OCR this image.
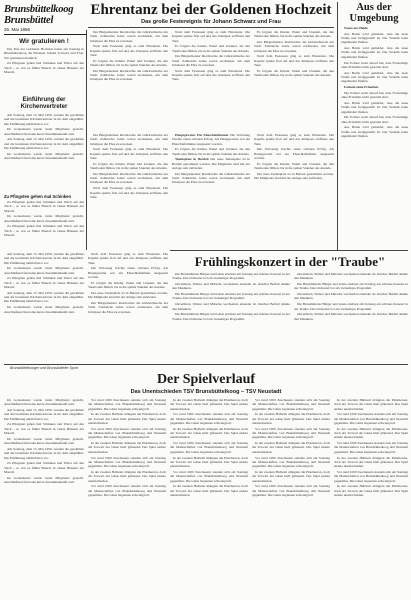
Brunsbüttelkoog
Brunsbüttel
26. Mai 1956
Ehrentanz bei der Goldenen Hochzeit
Das große Festereignis für Johann Schwarz und Frau
Aus der Umgebung
Wir gratulieren !

Das Fest der Goldenen Hochzeit feiern am Sonntag in Brunsbüttelkoog die Eheleute Johann Schwarz und Frau. Wir gratulieren herzlich.

Zu Pfingsten gehen mal Schinken und Wurst auf den Tisch – so war es früher Brauch in vielen Häusern der Marsch.

Einführung der Kirchenvertreter

Am Sonntag, dem 13. Mai 1956, wurden die gewählten und die berufenen Kirchenvertreter in ihr Amt eingeführt. Die Einführung nahm Pastor vor.

Im Gottesdienst wurde vieler Mitglieder gedacht. Anschließend fand eine kurze Zusammenkunft statt.

Am Sonntag, dem 13. Mai 1956, wurden die gewählten und die berufenen Kirchenvertreter in ihr Amt eingeführt. Die Einführung nahm Pastor vor.

Im Gottesdienst wurde vieler Mitglieder gedacht. Anschließend fand eine kurze Zusammenkunft statt.

Zu Pfingsten gehen mal Schinken

Zu Pfingsten gehen mal Schinken und Wurst auf den Tisch – so war es früher Brauch in vielen Häusern der Marsch.

Im Gottesdienst wurde vieler Mitglieder gedacht. Anschließend fand eine kurze Zusammenkunft statt.

Zu Pfingsten gehen mal Schinken und Wurst auf den Tisch – so war es früher Brauch in vielen Häusern der Marsch.

Der Bürgermeister überbrachte die Glückwünsche der Stadt. Zahlreiche Gäste waren erschienen, um dem Jubelpaar die Ehre zu erweisen.

Nach dem Festessen ging es zum Ehrentanz. Die Kapelle spielte flott auf und das Jubelpaar eröffnete den Tanz.

Es folgten die Kinder, Enkel und Urenkel, die den Tanzboden füllten, bis in die späten Stunden des Abends.

Der Bürgermeister überbrachte die Glückwünsche der Stadt. Zahlreiche Gäste waren erschienen, um dem Jubelpaar die Ehre zu erweisen.

Nach dem Festessen ging es zum Ehrentanz. Die Kapelle spielte flott auf und das Jubelpaar eröffnete den Tanz.

Es folgten die Kinder, Enkel und Urenkel, die den Tanzboden füllten, bis in die späten Stunden des Abends.

Der Bürgermeister überbrachte die Glückwünsche der Stadt. Zahlreiche Gäste waren erschienen, um dem Jubelpaar die Ehre zu erweisen.

Nach dem Festessen ging es zum Ehrentanz. Die Kapelle spielte flott auf und das Jubelpaar eröffnete den Tanz.

Es folgten die Kinder, Enkel und Urenkel, die den Tanzboden füllten, bis in die späten Stunden des Abends.

Der Bürgermeister überbrachte die Glückwünsche der Stadt. Zahlreiche Gäste waren erschienen, um dem Jubelpaar die Ehre zu erweisen.

Nach dem Festessen ging es zum Ehrentanz. Die Kapelle spielte flott auf und das Jubelpaar eröffnete den Tanz.

Es folgten die Kinder, Enkel und Urenkel, die den Tanzboden füllten, bis in die späten Stunden des Abends.

Der Bürgermeister überbrachte die Glückwünsche der Stadt. Zahlreiche Gäste waren erschienen, um dem Jubelpaar die Ehre zu erweisen.

Nach dem Festessen ging es zum Ehrentanz. Die Kapelle spielte flott auf und das Jubelpaar eröffnete den Tanz.

Es folgten die Kinder, Enkel und Urenkel, die den Tanzboden füllten, bis in die späten Stunden des Abends.

Der Bürgermeister überbrachte die Glückwünsche der Stadt. Zahlreiche Gäste waren erschienen, um dem Jubelpaar die Ehre zu erweisen.

Nach dem Festessen ging es zum Ehrentanz. Die Kapelle spielte flott auf und das Jubelpaar eröffnete den Tanz.

Hauptgewinn: Ein Eheschlafzimmer Die Verlosung brachte einen schönen Erfolg. Als Hauptgewinn war ein Eheschlafzimmer ausgesetzt worden.

Es folgten die Kinder, Enkel und Urenkel, die den Tanzboden füllten, bis in die späten Stunden des Abends.

Tennisplatz in Betrieb Der neue Tennisplatz ist in Betrieb genommen worden. Die Mitglieder sind mit der Anlage sehr zufrieden.

Der Bürgermeister überbrachte die Glückwünsche der Stadt. Zahlreiche Gäste waren erschienen, um dem Jubelpaar die Ehre zu erweisen.

Nach dem Festessen ging es zum Ehrentanz. Die Kapelle spielte flott auf und das Jubelpaar eröffnete den Tanz.

Die Verlosung brachte einen schönen Erfolg. Als Hauptgewinn war ein Eheschlafzimmer ausgesetzt worden.

Es folgten die Kinder, Enkel und Urenkel, die den Tanzboden füllten, bis in die späten Stunden des Abends.

Der neue Tennisplatz ist in Betrieb genommen worden. Die Mitglieder sind mit der Anlage sehr zufrieden.

Neues aus Heide

Aus Heide wird gemeldet, dass die neue Straße nun fertiggestellt ist. Der Verkehr kann ungehindert fließen.

Aus Heide wird gemeldet, dass die neue Straße nun fertiggestellt ist. Der Verkehr kann ungehindert fließen.

Die Polizei weist darauf hin, dass Fackelzüge ohne Erlaubnis nicht gestattet sind.

Aus Heide wird gemeldet, dass die neue Straße nun fertiggestellt ist. Der Verkehr kann ungehindert fließen.

Fackeln ohne Erlaubnis

Die Polizei weist darauf hin, dass Fackelzüge ohne Erlaubnis nicht gestattet sind.

Aus Heide wird gemeldet, dass die neue Straße nun fertiggestellt ist. Der Verkehr kann ungehindert fließen.

Die Polizei weist darauf hin, dass Fackelzüge ohne Erlaubnis nicht gestattet sind.

Aus Heide wird gemeldet, dass die neue Straße nun fertiggestellt ist. Der Verkehr kann ungehindert fließen.

Frühlingskonzert in der "Traube"

Die Brunsbütteler Bürger und Gäste erlebten am Sonntag ein schönes Konzert in der Traube. Das Orchester bot ein vielseitiges Programm.

Ouvertüren, Walzer und Märsche wechselten einander ab. Reicher Beifall dankte den Musikern.

Die Brunsbütteler Bürger und Gäste erlebten am Sonntag ein schönes Konzert in der Traube. Das Orchester bot ein vielseitiges Programm.

Ouvertüren, Walzer und Märsche wechselten einander ab. Reicher Beifall dankte den Musikern.

Die Brunsbütteler Bürger und Gäste erlebten am Sonntag ein schönes Konzert in der Traube. Das Orchester bot ein vielseitiges Programm.

Ouvertüren, Walzer und Märsche wechselten einander ab. Reicher Beifall dankte den Musikern.

Die Brunsbütteler Bürger und Gäste erlebten am Sonntag ein schönes Konzert in der Traube. Das Orchester bot ein vielseitiges Programm.

Ouvertüren, Walzer und Märsche wechselten einander ab. Reicher Beifall dankte den Musikern.

Die Brunsbütteler Bürger und Gäste erlebten am Sonntag ein schönes Konzert in der Traube. Das Orchester bot ein vielseitiges Programm.

Ouvertüren, Walzer und Märsche wechselten einander ab. Reicher Beifall dankte den Musikern.

Am Sonntag, dem 13. Mai 1956, wurden die gewählten und die berufenen Kirchenvertreter in ihr Amt eingeführt. Die Einführung nahm Pastor vor.

Im Gottesdienst wurde vieler Mitglieder gedacht. Anschließend fand eine kurze Zusammenkunft statt.

Zu Pfingsten gehen mal Schinken und Wurst auf den Tisch – so war es früher Brauch in vielen Häusern der Marsch.

Am Sonntag, dem 13. Mai 1956, wurden die gewählten und die berufenen Kirchenvertreter in ihr Amt eingeführt. Die Einführung nahm Pastor vor.

Im Gottesdienst wurde vieler Mitglieder gedacht. Anschließend fand eine kurze Zusammenkunft statt.

Nach dem Festessen ging es zum Ehrentanz. Die Kapelle spielte flott auf und das Jubelpaar eröffnete den Tanz.

Die Verlosung brachte einen schönen Erfolg. Als Hauptgewinn war ein Eheschlafzimmer ausgesetzt worden.

Es folgten die Kinder, Enkel und Urenkel, die den Tanzboden füllten, bis in die späten Stunden des Abends.

Der neue Tennisplatz ist in Betrieb genommen worden. Die Mitglieder sind mit der Anlage sehr zufrieden.

Der Bürgermeister überbrachte die Glückwünsche der Stadt. Zahlreiche Gäste waren erschienen, um dem Jubelpaar die Ehre zu erweisen.

Brunsbüttelkooger und Brunsbütteler Sport
Der Spielverlauf
Das Unentschieden TSV Brunsbüttelkoog – TSV Neustadt

Vor rund 1000 Zuschauern standen sich am Sonntag die Mannschaften von Brunsbüttelkoog und Neustadt gegenüber. Die Gäste begannen schwungvoll.

In der zweiten Halbzeit drängten die Platzherren, doch der Torwart der Gäste hielt glänzend. Das Spiel endete unentschieden.

Vor rund 1000 Zuschauern standen sich am Sonntag die Mannschaften von Brunsbüttelkoog und Neustadt gegenüber. Die Gäste begannen schwungvoll.

In der zweiten Halbzeit drängten die Platzherren, doch der Torwart der Gäste hielt glänzend. Das Spiel endete unentschieden.

Vor rund 1000 Zuschauern standen sich am Sonntag die Mannschaften von Brunsbüttelkoog und Neustadt gegenüber. Die Gäste begannen schwungvoll.

In der zweiten Halbzeit drängten die Platzherren, doch der Torwart der Gäste hielt glänzend. Das Spiel endete unentschieden.

Vor rund 1000 Zuschauern standen sich am Sonntag die Mannschaften von Brunsbüttelkoog und Neustadt gegenüber. Die Gäste begannen schwungvoll.

In der zweiten Halbzeit drängten die Platzherren, doch der Torwart der Gäste hielt glänzend. Das Spiel endete unentschieden.

Vor rund 1000 Zuschauern standen sich am Sonntag die Mannschaften von Brunsbüttelkoog und Neustadt gegenüber. Die Gäste begannen schwungvoll.

In der zweiten Halbzeit drängten die Platzherren, doch der Torwart der Gäste hielt glänzend. Das Spiel endete unentschieden.

Vor rund 1000 Zuschauern standen sich am Sonntag die Mannschaften von Brunsbüttelkoog und Neustadt gegenüber. Die Gäste begannen schwungvoll.

In der zweiten Halbzeit drängten die Platzherren, doch der Torwart der Gäste hielt glänzend. Das Spiel endete unentschieden.

Vor rund 1000 Zuschauern standen sich am Sonntag die Mannschaften von Brunsbüttelkoog und Neustadt gegenüber. Die Gäste begannen schwungvoll.

In der zweiten Halbzeit drängten die Platzherren, doch der Torwart der Gäste hielt glänzend. Das Spiel endete unentschieden.

Vor rund 1000 Zuschauern standen sich am Sonntag die Mannschaften von Brunsbüttelkoog und Neustadt gegenüber. Die Gäste begannen schwungvoll.

In der zweiten Halbzeit drängten die Platzherren, doch der Torwart der Gäste hielt glänzend. Das Spiel endete unentschieden.

Vor rund 1000 Zuschauern standen sich am Sonntag die Mannschaften von Brunsbüttelkoog und Neustadt gegenüber. Die Gäste begannen schwungvoll.

In der zweiten Halbzeit drängten die Platzherren, doch der Torwart der Gäste hielt glänzend. Das Spiel endete unentschieden.

Vor rund 1000 Zuschauern standen sich am Sonntag die Mannschaften von Brunsbüttelkoog und Neustadt gegenüber. Die Gäste begannen schwungvoll.

In der zweiten Halbzeit drängten die Platzherren, doch der Torwart der Gäste hielt glänzend. Das Spiel endete unentschieden.

Vor rund 1000 Zuschauern standen sich am Sonntag die Mannschaften von Brunsbüttelkoog und Neustadt gegenüber. Die Gäste begannen schwungvoll.

In der zweiten Halbzeit drängten die Platzherren, doch der Torwart der Gäste hielt glänzend. Das Spiel endete unentschieden.

Vor rund 1000 Zuschauern standen sich am Sonntag die Mannschaften von Brunsbüttelkoog und Neustadt gegenüber. Die Gäste begannen schwungvoll.

In der zweiten Halbzeit drängten die Platzherren, doch der Torwart der Gäste hielt glänzend. Das Spiel endete unentschieden.

Vor rund 1000 Zuschauern standen sich am Sonntag die Mannschaften von Brunsbüttelkoog und Neustadt gegenüber. Die Gäste begannen schwungvoll.

In der zweiten Halbzeit drängten die Platzherren, doch der Torwart der Gäste hielt glänzend. Das Spiel endete unentschieden.

Vor rund 1000 Zuschauern standen sich am Sonntag die Mannschaften von Brunsbüttelkoog und Neustadt gegenüber. Die Gäste begannen schwungvoll.

In der zweiten Halbzeit drängten die Platzherren, doch der Torwart der Gäste hielt glänzend. Das Spiel endete unentschieden.

Im Gottesdienst wurde vieler Mitglieder gedacht. Anschließend fand eine kurze Zusammenkunft statt.

Am Sonntag, dem 13. Mai 1956, wurden die gewählten und die berufenen Kirchenvertreter in ihr Amt eingeführt. Die Einführung nahm Pastor vor.

Zu Pfingsten gehen mal Schinken und Wurst auf den Tisch – so war es früher Brauch in vielen Häusern der Marsch.

Im Gottesdienst wurde vieler Mitglieder gedacht. Anschließend fand eine kurze Zusammenkunft statt.

Am Sonntag, dem 13. Mai 1956, wurden die gewählten und die berufenen Kirchenvertreter in ihr Amt eingeführt. Die Einführung nahm Pastor vor.

Zu Pfingsten gehen mal Schinken und Wurst auf den Tisch – so war es früher Brauch in vielen Häusern der Marsch.

Im Gottesdienst wurde vieler Mitglieder gedacht. Anschließend fand eine kurze Zusammenkunft statt.
